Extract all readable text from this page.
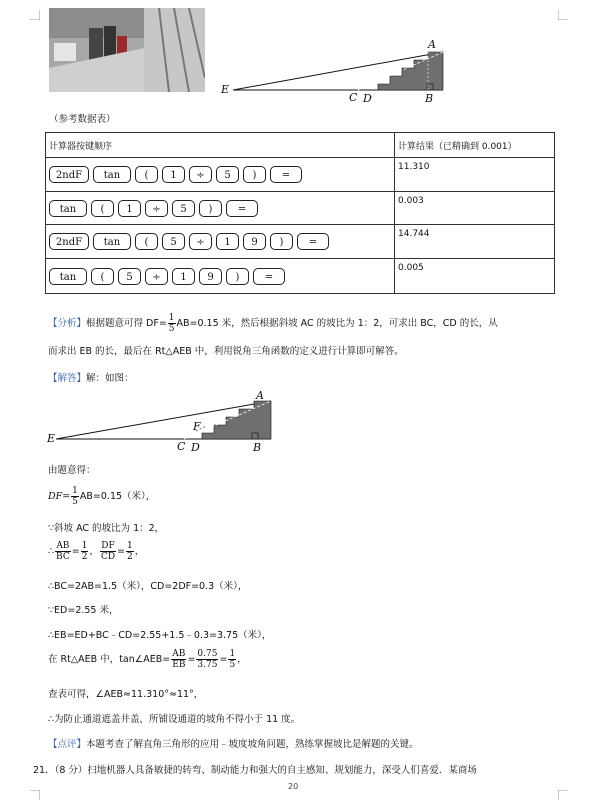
A
E
C D	B
（参考数据表）
计算器按键顺序	计算结果（已精确到 0.001）
2ndF tan ( 1 ÷ 5 ) =	11.310
tan ( 1 ÷ 5 ) =	0.003
2ndF tan ( 5 ÷ 1 9 ) =	14.744
tan ( 5 ÷ 1 9 ) =	0.005
【分析】根据题意可得 $DF= \frac{1}{5} AB=0.15$ 米，然后根据斜坡 AC 的坡比为 1：2，可求出 BC，CD 的长，从
而求出 EB 的长，最后在 Rt△AEB 中，利用锐角三角函数的定义进行计算即可解答。
【解答】解：如图：
A
E
F
C D	B
由题意得：
$DF= \frac{1}{5} AB=0.15$（米），
∵斜坡 AC 的坡比为 1：2，
∴ $\frac{AB}{BC} = \frac{1}{2}$ ， $\frac{DF}{CD} = \frac{1}{2}$ ，
∴BC=2AB=1.5（米），CD=2DF=0.3（米），
∵ED=2.55 米，
∴EB=ED+BC﹣CD=2.55+1.5﹣0.3=3.75（米），
在 Rt△AEB 中，tan∠AEB= $\frac{AB}{EB} = \frac{0.75}{3.75} = \frac{1}{5}$ ，
查表可得，∠AEB≈11.310°≈11°，
∴为防止通道遮盖井盖，所铺设通道的坡角不得小于 11 度。
【点评】本题考查了解直角三角形的应用﹣坡度坡角问题，熟练掌握坡比是解题的关键。
21．（8 分）扫地机器人具备敏捷的转弯、制动能力和强大的自主感知、规划能力，深受人们喜爱．某商场
20
